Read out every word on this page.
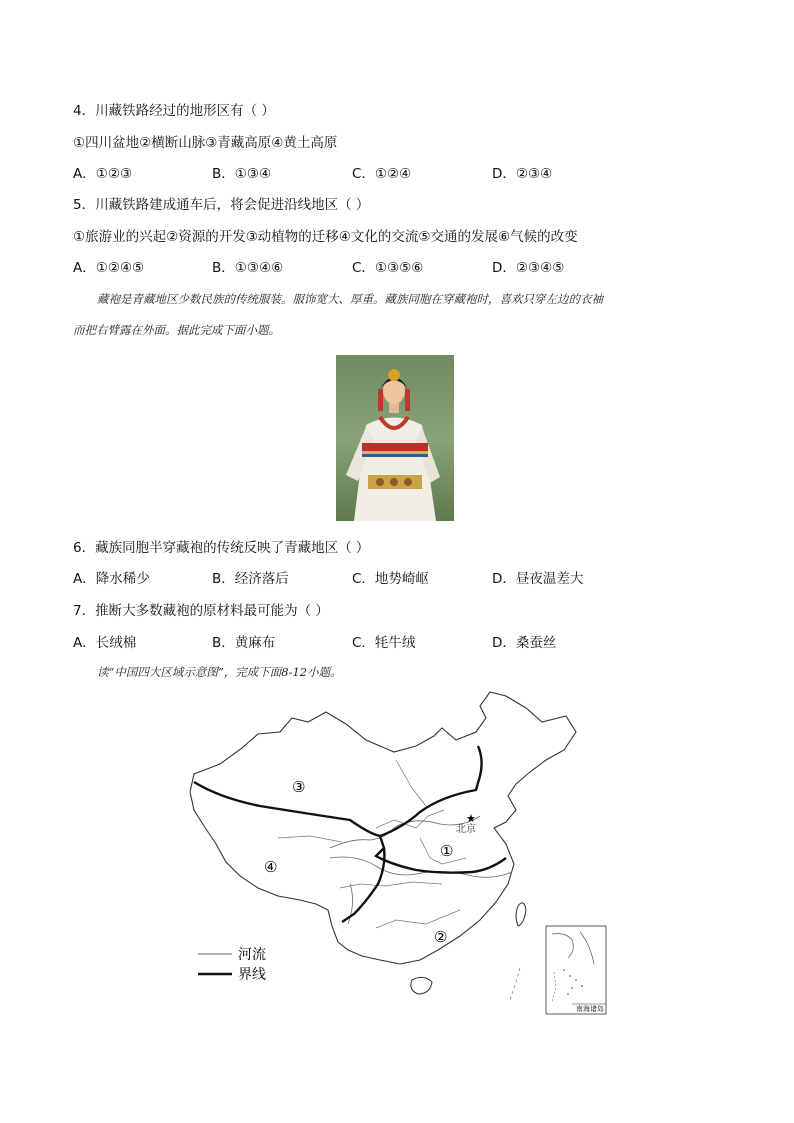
4．川藏铁路经过的地形区有（ ）
①四川盆地②横断山脉③青藏高原④黄土高原
A．①②③	B．①③④	C．①②④	D．②③④
5．川藏铁路建成通车后，将会促进沿线地区（ ）
①旅游业的兴起②资源的开发③动植物的迁移④文化的交流⑤交通的发展⑥气候的改变
A．①②④⑤	B．①③④⑥	C．①③⑤⑥	D．②③④⑤
藏袍是青藏地区少数民族的传统服装。服饰宽大、厚重。藏族同胞在穿藏袍时，喜欢只穿左边的衣袖
而把右臂露在外面。据此完成下面小题。
6．藏族同胞半穿藏袍的传统反映了青藏地区（ ）
A．降水稀少	B．经济落后	C．地势崎岖	D．昼夜温差大
7．推断大多数藏袍的原材料最可能为（ ）
A．长绒棉	B．黄麻布	C．牦牛绒	D．桑蚕丝
读“中国四大区域示意图”，完成下面8-12小题。
③
④
①
②
★
北京
河流
界线
南海诸岛
